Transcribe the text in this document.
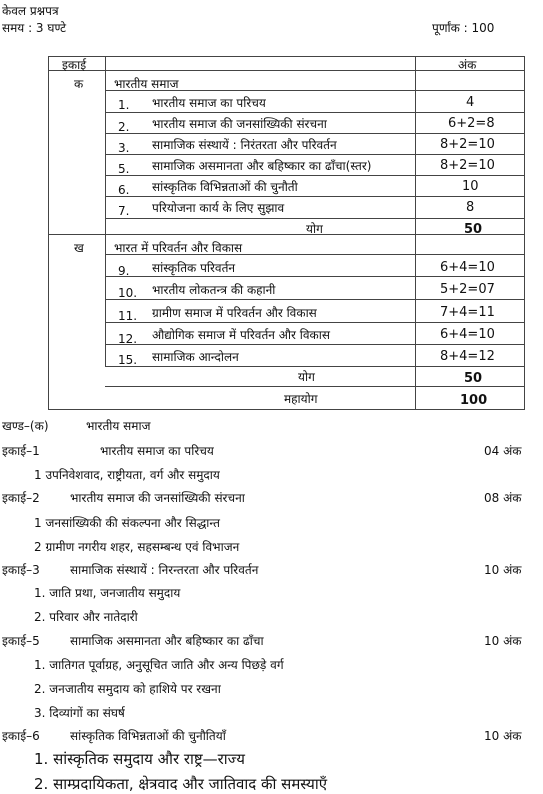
केवल प्रश्नपत्र
समय : 3 घण्टे	पूर्णांक : 100
इकाई	अंक
क	भारतीय समाज
1. भारतीय समाज का परिचय	4
2. भारतीय समाज की जनसांख्यिकी संरचना	6+2=8
3. सामाजिक संस्थायें : निरंतरता और परिवर्तन	8+2=10
5. सामाजिक असमानता और बहिष्कार का ढाँचा(स्तर)	8+2=10
6. सांस्कृतिक विभिन्नताओं की चुनौती	10
7. परियोजना कार्य के लिए सुझाव	8
योग	50
ख	भारत में परिवर्तन और विकास
9. सांस्कृतिक परिवर्तन	6+4=10
10. भारतीय लोकतन्त्र की कहानी	5+2=07
11. ग्रामीण समाज में परिवर्तन और विकास	7+4=11
12. औद्योगिक समाज में परिवर्तन और विकास	6+4=10
15. सामाजिक आन्दोलन	8+4=12
योग	50
महायोग	100
खण्ड–(क)	भारतीय समाज
इकाई–1	भारतीय समाज का परिचय	04 अंक
1 उपनिवेशवाद, राष्ट्रीयता, वर्ग और समुदाय
इकाई–2	भारतीय समाज की जनसांख्यिकी संरचना	08 अंक
1 जनसांख्यिकी की संकल्पना और सिद्धान्त
2 ग्रामीण नगरीय शहर, सहसम्बन्ध एवं विभाजन
इकाई–3	सामाजिक संस्थायें : निरन्तरता और परिवर्तन	10 अंक
1. जाति प्रथा, जनजातीय समुदाय
2. परिवार और नातेदारी
इकाई–5	सामाजिक असमानता और बहिष्कार का ढाँचा	10 अंक
1. जातिगत पूर्वाग्रह, अनुसूचित जाति और अन्य पिछड़े वर्ग
2. जनजातीय समुदाय को हाशिये पर रखना
3. दिव्यांगों का संघर्ष
इकाई–6	सांस्कृतिक विभिन्नताओं की चुनौतियाँ	10 अंक
1. सांस्कृतिक समुदाय और राष्ट्र—राज्य
2. साम्प्रदायिकता, क्षेत्रवाद और जातिवाद की समस्याएँ
